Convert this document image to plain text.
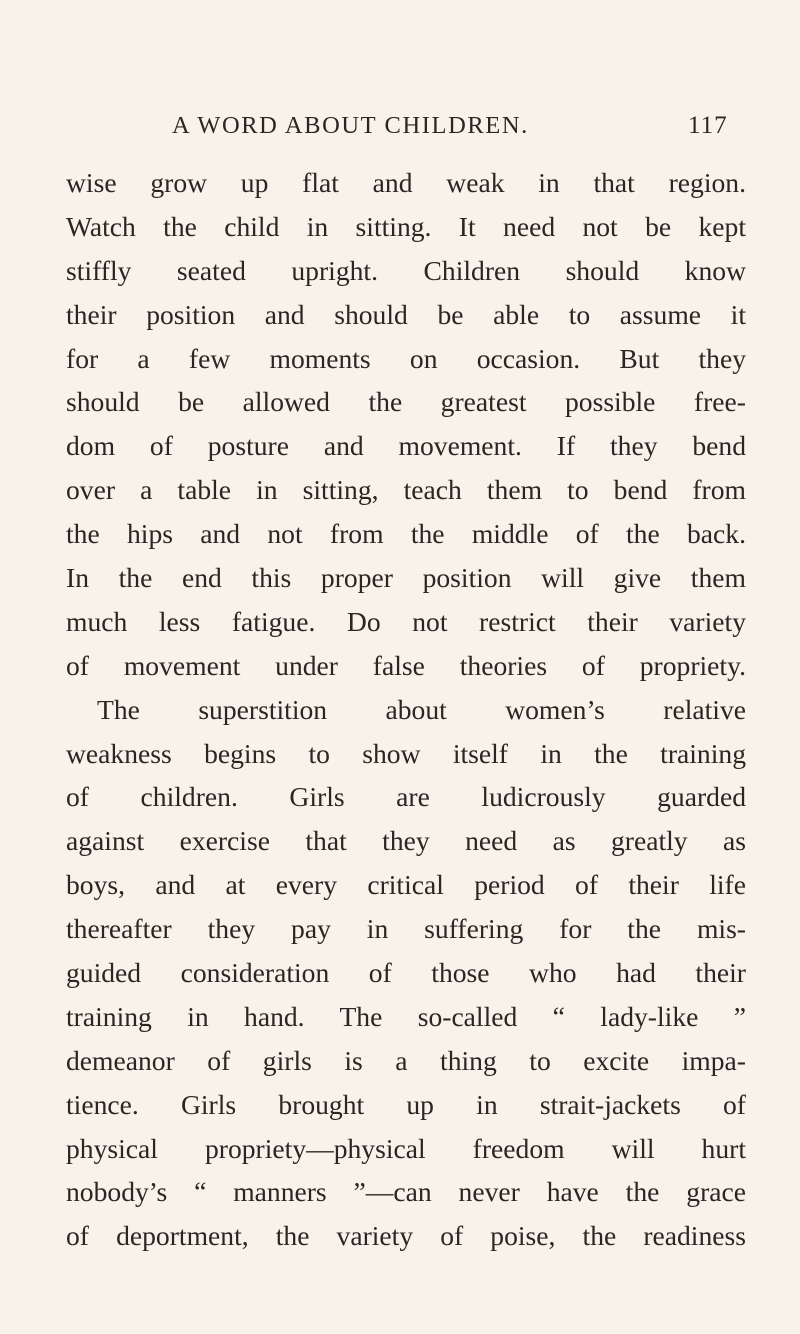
A WORD ABOUT CHILDREN.	117
wise grow up flat and weak in that region.
Watch the child in sitting. It need not be kept
stiffly seated upright. Children should know
their position and should be able to assume it
for a few moments on occasion. But they
should be allowed the greatest possible free-
dom of posture and movement. If they bend
over a table in sitting, teach them to bend from
the hips and not from the middle of the back.
In the end this proper position will give them
much less fatigue. Do not restrict their variety
of movement under false theories of propriety.
The superstition about women’s relative
weakness begins to show itself in the training
of children. Girls are ludicrously guarded
against exercise that they need as greatly as
boys, and at every critical period of their life
thereafter they pay in suffering for the mis-
guided consideration of those who had their
training in hand. The so-called “ lady-like ”
demeanor of girls is a thing to excite impa-
tience. Girls brought up in strait-jackets of
physical propriety—physical freedom will hurt
nobody’s “ manners ”—can never have the grace
of deportment, the variety of poise, the readiness
